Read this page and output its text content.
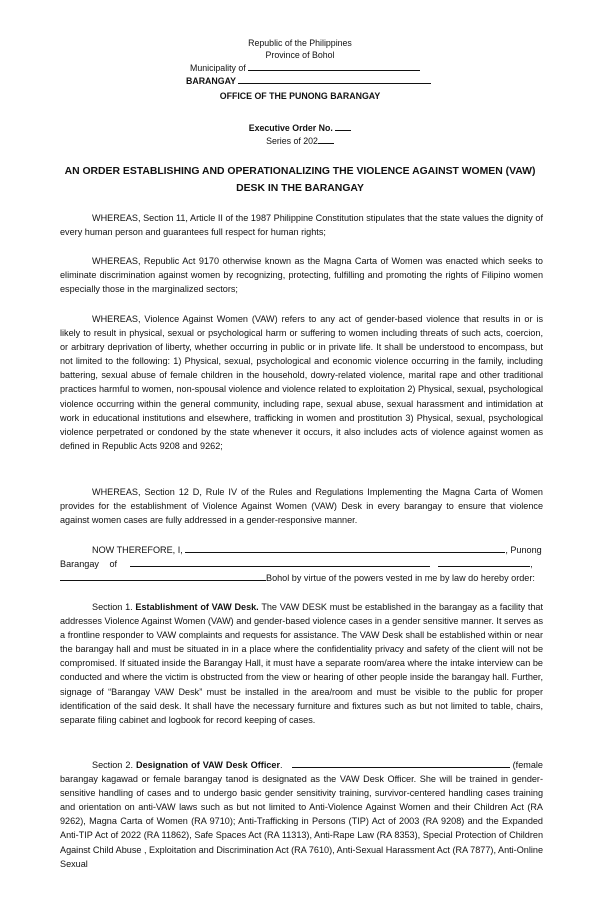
Republic of the Philippines
Province of Bohol
Municipality of
BARANGAY
OFFICE OF THE PUNONG BARANGAY
Executive Order No.
Series of 202
AN ORDER ESTABLISHING AND OPERATIONALIZING THE VIOLENCE AGAINST WOMEN (VAW) DESK IN THE BARANGAY
WHEREAS, Section 11, Article II of the 1987 Philippine Constitution stipulates that the state values the dignity of every human person and guarantees full respect for human rights;
WHEREAS, Republic Act 9170 otherwise known as the Magna Carta of Women was enacted which seeks to eliminate discrimination against women by recognizing, protecting, fulfilling and promoting the rights of Filipino women especially those in the marginalized sectors;
WHEREAS, Violence Against Women (VAW) refers to any act of gender-based violence that results in or is likely to result in physical, sexual or psychological harm or suffering to women including threats of such acts, coercion, or arbitrary deprivation of liberty, whether occurring in public or in private life. It shall be understood to encompass, but not limited to the following: 1) Physical, sexual, psychological and economic violence occurring in the family, including battering, sexual abuse of female children in the household, dowry-related violence, marital rape and other traditional practices harmful to women, non-spousal violence and violence related to exploitation 2) Physical, sexual, psychological violence occurring within the general community, including rape, sexual abuse, sexual harassment and intimidation at work in educational institutions and elsewhere, trafficking in women and prostitution 3) Physical, sexual, psychological violence perpetrated or condoned by the state whenever it occurs, it also includes acts of violence against women as defined in Republic Acts 9208 and 9262;
WHEREAS, Section 12 D, Rule IV of the Rules and Regulations Implementing the Magna Carta of Women provides for the establishment of Violence Against Women (VAW) Desk in every barangay to ensure that violence against women cases are fully addressed in a gender-responsive manner.
NOW THEREFORE, I,	, Punong
Barangay of	,
Bohol by virtue of the powers vested in me by law do hereby order:
Section 1. Establishment of VAW Desk. The VAW DESK must be established in the barangay as a facility that addresses Violence Against Women (VAW) and gender-based violence cases in a gender sensitive manner. It serves as a frontline responder to VAW complaints and requests for assistance. The VAW Desk shall be established within or near the barangay hall and must be situated in in a place where the confidentiality privacy and safety of the client will not be compromised. If situated inside the Barangay Hall, it must have a separate room/area where the intake interview can be conducted and where the victim is obstructed from the view or hearing of other people inside the barangay hall. Further, signage of “Barangay VAW Desk” must be installed in the area/room and must be visible to the public for proper identification of the said desk. It shall have the necessary furniture and fixtures such as but not limited to table, chairs, separate filing cabinet and logbook for record keeping of cases.
Section 2. Designation of VAW Desk Officer.	(female barangay kagawad or female barangay tanod is designated as the VAW Desk Officer. She will be trained in gender-sensitive handling of cases and to undergo basic gender sensitivity training, survivor-centered handling cases training and orientation on anti-VAW laws such as but not limited to Anti-Violence Against Women and their Children Act (RA 9262), Magna Carta of Women (RA 9710); Anti-Trafficking in Persons (TIP) Act of 2003 (RA 9208) and the Expanded Anti-TIP Act of 2022 (RA 11862), Safe Spaces Act (RA 11313), Anti-Rape Law (RA 8353), Special Protection of Children Against Child Abuse , Exploitation and Discrimination Act (RA 7610), Anti-Sexual Harassment Act (RA 7877), Anti-Online Sexual
